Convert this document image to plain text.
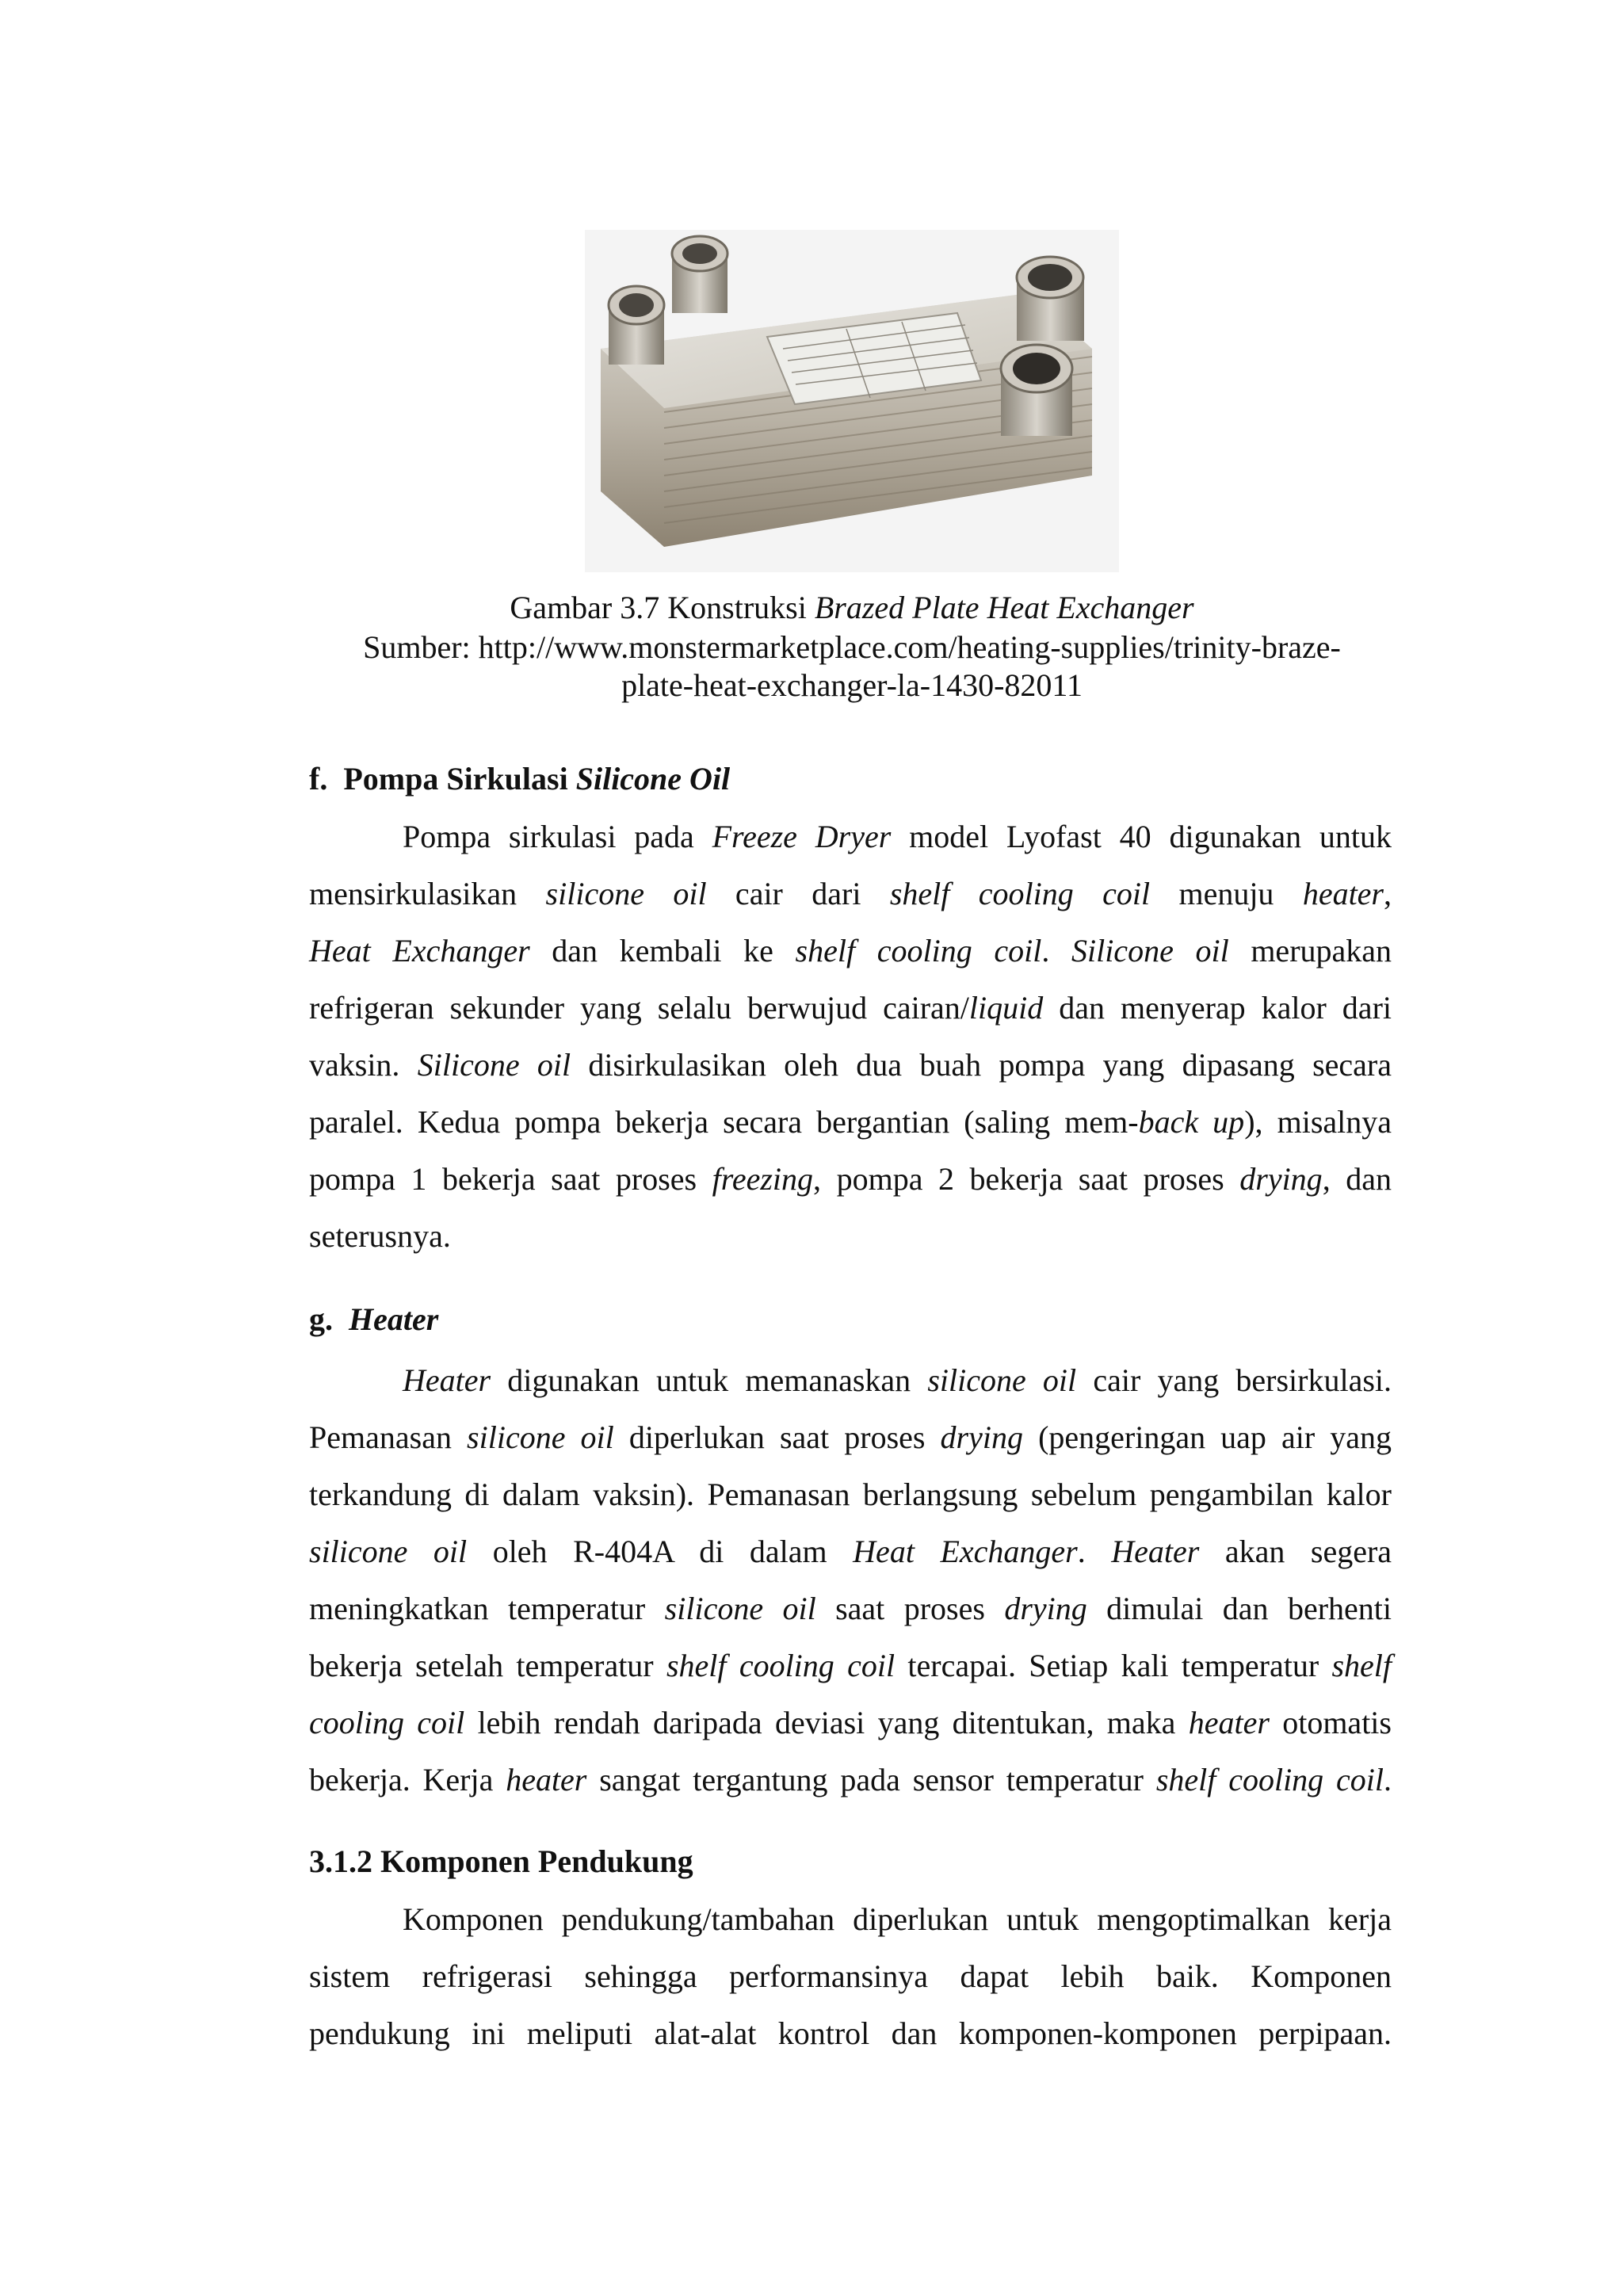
Gambar 3.7 Konstruksi Brazed Plate Heat Exchanger
Sumber: http://www.monstermarketplace.com/heating-supplies/trinity-braze-
plate-heat-exchanger-la-1430-82011
f.  Pompa Sirkulasi Silicone Oil
Pompa sirkulasi pada Freeze Dryer model Lyofast 40 digunakan untuk
mensirkulasikan silicone oil cair dari shelf cooling coil menuju heater,
Heat Exchanger dan kembali ke shelf cooling coil. Silicone oil merupakan
refrigeran sekunder yang selalu berwujud cairan/liquid dan menyerap kalor dari
vaksin. Silicone oil disirkulasikan oleh dua buah pompa yang dipasang secara
paralel. Kedua pompa bekerja secara bergantian (saling mem-back up), misalnya
pompa 1 bekerja saat proses freezing, pompa 2 bekerja saat proses drying, dan
seterusnya.
g.  Heater
Heater digunakan untuk memanaskan silicone oil cair yang bersirkulasi.
Pemanasan silicone oil diperlukan saat proses drying (pengeringan uap air yang
terkandung di dalam vaksin). Pemanasan berlangsung sebelum pengambilan kalor
silicone oil oleh R-404A di dalam Heat Exchanger. Heater akan segera
meningkatkan temperatur silicone oil saat proses drying dimulai dan berhenti
bekerja setelah temperatur shelf cooling coil tercapai. Setiap kali temperatur shelf
cooling coil lebih rendah daripada deviasi yang ditentukan, maka heater otomatis
bekerja. Kerja heater sangat tergantung pada sensor temperatur shelf cooling coil.
3.1.2 Komponen Pendukung
Komponen pendukung/tambahan diperlukan untuk mengoptimalkan kerja
sistem refrigerasi sehingga performansinya dapat lebih baik. Komponen
pendukung ini meliputi alat-alat kontrol dan komponen-komponen perpipaan.
